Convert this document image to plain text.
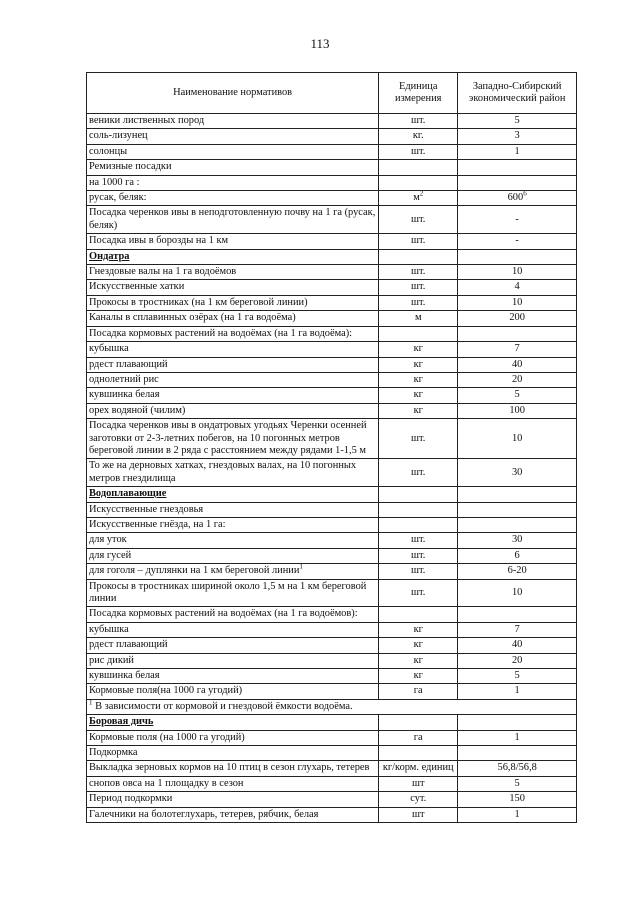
113
Наименование нормативов	Единица измерения	Западно-Сибирский экономический район
веники лиственных пород	шт.	5
соль-лизунец	кг.	3
солонцы	шт.	1
Ремизные посадки		
на 1000 га :		
русак, беляк:	$м^2$	$600^6$
Посадка черенков ивы в неподготовленную почву на 1 га (русак, беляк)	шт.	-
Посадка ивы в борозды на 1 км	шт.	-
Ондатра		
Гнездовые валы на 1 га водоёмов	шт.	10
Искусственные хатки	шт.	4
Прокосы в тростниках (на 1 км береговой линии)	шт.	10
Каналы в сплавинных озёрах (на 1 га водоёма)	м	200
Посадка кормовых растений на водоёмах (на 1 га водоёма):		
кубышка	кг	7
рдест плавающий	кг	40
однолетний рис	кг	20
кувшинка белая	кг	5
орех водяной (чилим)	кг	100
Посадка черенков ивы в ондатровых угодьях Черенки осенней заготовки от 2-3-летних побегов, на 10 погонных метров береговой линии в 2 ряда с расстоянием между рядами 1-1,5 м	шт.	10
То же на дерновых хатках, гнездовых валах, на 10 погонных метров гнездилища	шт.	30
Водоплавающие		
Искусственные гнездовья		
Искусственные гнёзда, на 1 га:		
для уток	шт.	30
для гусей	шт.	6
для гоголя – дуплянки на 1 км береговой линии$^1$	шт.	6-20
Прокосы в тростниках шириной около 1,5 м на 1 км береговой линии	шт.	10
Посадка кормовых растений на водоёмах (на 1 га водоёмов):		
кубышка	кг	7
рдест плавающий	кг	40
рис дикий	кг	20
кувшинка белая	кг	5
Кормовые поля(на 1000 га угодий)	га	1
$^1$ В зависимости от кормовой и гнездовой ёмкости водоёма.		
Боровая дичь		
Кормовые поля (на 1000 га угодий)	га	1
Подкормка		
Выкладка зерновых кормов на 10 птиц в сезон глухарь, тетерев	кг/корм. единиц	56,8/56,8
снопов овса на 1 площадку в сезон	шт	5
Период подкормки	сут.	150
Галечники на болотеглухарь, тетерев, рябчик, белая	шт	1
